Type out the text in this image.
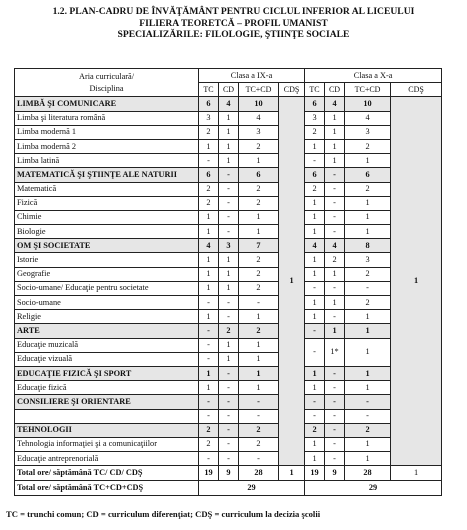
1.2. PLAN-CADRU DE ÎNVĂŢĂMÂNT PENTRU CICLUL INFERIOR AL LICEULUI
FILIERA TEORETCĂ – PROFIL UMANIST
SPECIALIZĂRILE: FILOLOGIE, ŞTIINŢE SOCIALE
Aria curriculară/
Disciplina	Clasa a IX-a				Clasa a X-a			
	TC	CD	TC+CD	CDŞ	TC	CD	TC+CD	CDŞ
LIMBĂ ŞI COMUNICARE	6	4	10	1	6	4	10	1
Limba şi literatura română	3	1	4		3	1	4	
Limba modernă 1	2	1	3		2	1	3	
Limba modernă 2	1	1	2		1	1	2	
Limba latină	-	1	1		-	1	1	
MATEMATICĂ ŞI ŞTIINŢE ALE NATURII	6	-	6		6	-	6	
Matematică	2	-	2		2	-	2	
Fizică	2	-	2		1	-	1	
Chimie	1	-	1		1	-	1	
Biologie	1	-	1		1	-	1	
OM ŞI SOCIETATE	4	3	7		4	4	8	
Istorie	1	1	2		1	2	3	
Geografie	1	1	2		1	1	2	
Socio-umane/ Educaţie pentru societate	1	1	2		-	-	-	
Socio-umane	-	-	-		1	1	2	
Religie	1	-	1		1	-	1	
ARTE	-	2	2		-	1	1	
Educaţie muzicală	-	1	1		-	1*	1	
Educaţie vizuală	-	1	1					
EDUCAŢIE FIZICĂ ŞI SPORT	1	-	1		1	-	1	
Educaţie fizică	1	-	1		1	-	1	
CONSILIERE ŞI ORIENTARE	-	-	-		-	-	-	
	-	-	-		-	-	-	
TEHNOLOGII	2	-	2		2	-	2	
Tehnologia informaţiei şi a comunicaţiilor	2	-	2		1	-	1	
Educaţie antreprenorială	-	-	-		1	-	1	
Total ore/ săptămână TC/ CD/ CDŞ	19	9	28	1	19	9	28	1
Total ore/ săptămână TC+CD+CDŞ	29				29			
TC = trunchi comun; CD = curriculum diferenţiat; CDŞ = curriculum la decizia şcolii
